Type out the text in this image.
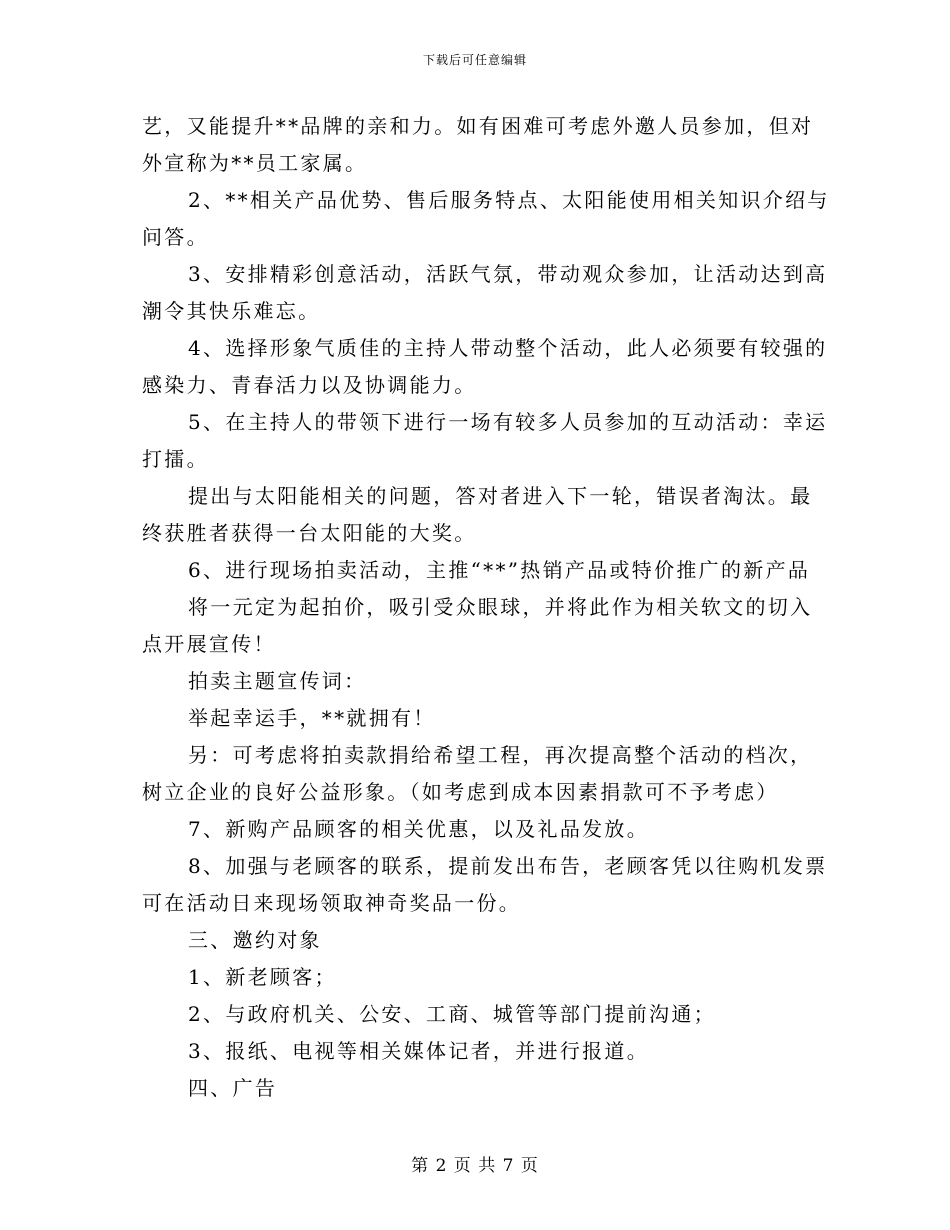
下载后可任意编辑
艺，又能提升**品牌的亲和力。如有困难可考虑外邀人员参加，但对
外宣称为**员工家属。
2、**相关产品优势、售后服务特点、太阳能使用相关知识介绍与
问答。
3、安排精彩创意活动，活跃气氛，带动观众参加，让活动达到高
潮令其快乐难忘。
4、选择形象气质佳的主持人带动整个活动，此人必须要有较强的
感染力、青春活力以及协调能力。
5、在主持人的带领下进行一场有较多人员参加的互动活动：幸运
打擂。
提出与太阳能相关的问题，答对者进入下一轮，错误者淘汰。最
终获胜者获得一台太阳能的大奖。
6、进行现场拍卖活动，主推“**”热销产品或特价推广的新产品
将一元定为起拍价，吸引受众眼球，并将此作为相关软文的切入
点开展宣传！
拍卖主题宣传词：
举起幸运手，**就拥有！
另：可考虑将拍卖款捐给希望工程，再次提高整个活动的档次，
树立企业的良好公益形象。（如考虑到成本因素捐款可不予考虑）
7、新购产品顾客的相关优惠，以及礼品发放。
8、加强与老顾客的联系，提前发出布告，老顾客凭以往购机发票
可在活动日来现场领取神奇奖品一份。
三、邀约对象
1、新老顾客；
2、与政府机关、公安、工商、城管等部门提前沟通；
3、报纸、电视等相关媒体记者，并进行报道。
四、广告
第 2 页 共 7 页
